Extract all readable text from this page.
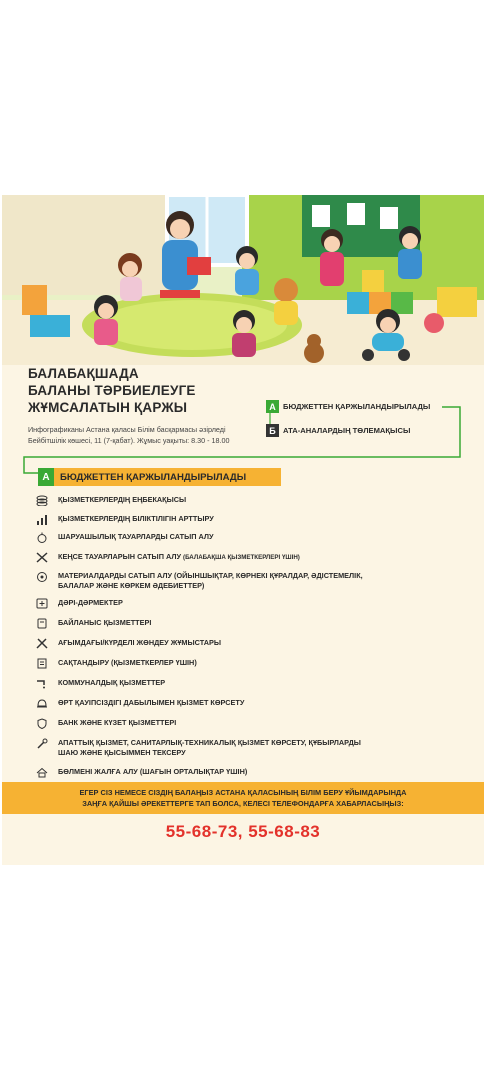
БАЛАБАҚШАДА
БАЛАНЫ ТӘРБИЕЛЕУГЕ
ЖҰМСАЛАТЫН ҚАРЖЫ
Инфографиканы Астана қаласы Білім басқармасы әзірледі
Бейбітшілік көшесі, 11 (7-қабат). Жұмыс уақыты: 8.30 - 18.00
А БЮДЖЕТТЕН ҚАРЖЫЛАНДЫРЫЛАДЫ
Б АТА-АНАЛАРДЫҢ ТӨЛЕМАҚЫСЫ
А	БЮДЖЕТТЕН ҚАРЖЫЛАНДЫРЫЛАДЫ
ҚЫЗМЕТКЕРЛЕРДІҢ ЕҢБЕКАҚЫСЫ
ҚЫЗМЕТКЕРЛЕРДІҢ БІЛІКТІЛІГІН АРТТЫРУ
ШАРУАШЫЛЫҚ ТАУАРЛАРДЫ САТЫП АЛУ
КЕҢСЕ ТАУАРЛАРЫН САТЫП АЛУ (БАЛАБАҚША ҚЫЗМЕТКЕРЛЕРІ ҮШІН)
МАТЕРИАЛДАРДЫ САТЫП АЛУ (ОЙЫНШЫҚТАР, КӨРНЕКІ ҚҰРАЛДАР, ӘДІСТЕМЕЛІК,
БАЛАЛАР ЖӘНЕ КӨРКЕМ ӘДЕБИЕТТЕР)
ДӘРІ-ДӘРМЕКТЕР
БАЙЛАНЫС ҚЫЗМЕТТЕРІ
АҒЫМДАҒЫ/КҮРДЕЛІ ЖӨНДЕУ ЖҰМЫСТАРЫ
САҚТАНДЫРУ (ҚЫЗМЕТКЕРЛЕР ҮШІН)
КОММУНАЛДЫҚ ҚЫЗМЕТТЕР
ӨРТ ҚАУІПСІЗДІГІ ДАБЫЛЫМЕН ҚЫЗМЕТ КӨРСЕТУ
БАНК ЖӘНЕ КҮЗЕТ ҚЫЗМЕТТЕРІ
АПАТТЫҚ ҚЫЗМЕТ, САНИТАРЛЫҚ-ТЕХНИКАЛЫҚ ҚЫЗМЕТ КӨРСЕТУ, ҚҰБЫРЛАРДЫ
ШАЮ ЖӘНЕ ҚЫСЫММЕН ТЕКСЕРУ
БӨЛМЕНІ ЖАЛҒА АЛУ (ШАҒЫН ОРТАЛЫҚТАР ҮШІН)
ЕГЕР СІЗ НЕМЕСЕ СІЗДІҢ БАЛАҢЫЗ АСТАНА ҚАЛАСЫНЫҢ БІЛІМ БЕРУ ҰЙЫМДАРЫНДА
ЗАҢҒА ҚАЙШЫ ӘРЕКЕТТЕРГЕ ТАП БОЛСА, КЕЛЕСІ ТЕЛЕФОНДАРҒА ХАБАРЛАСЫҢЫЗ:
55-68-73, 55-68-83
